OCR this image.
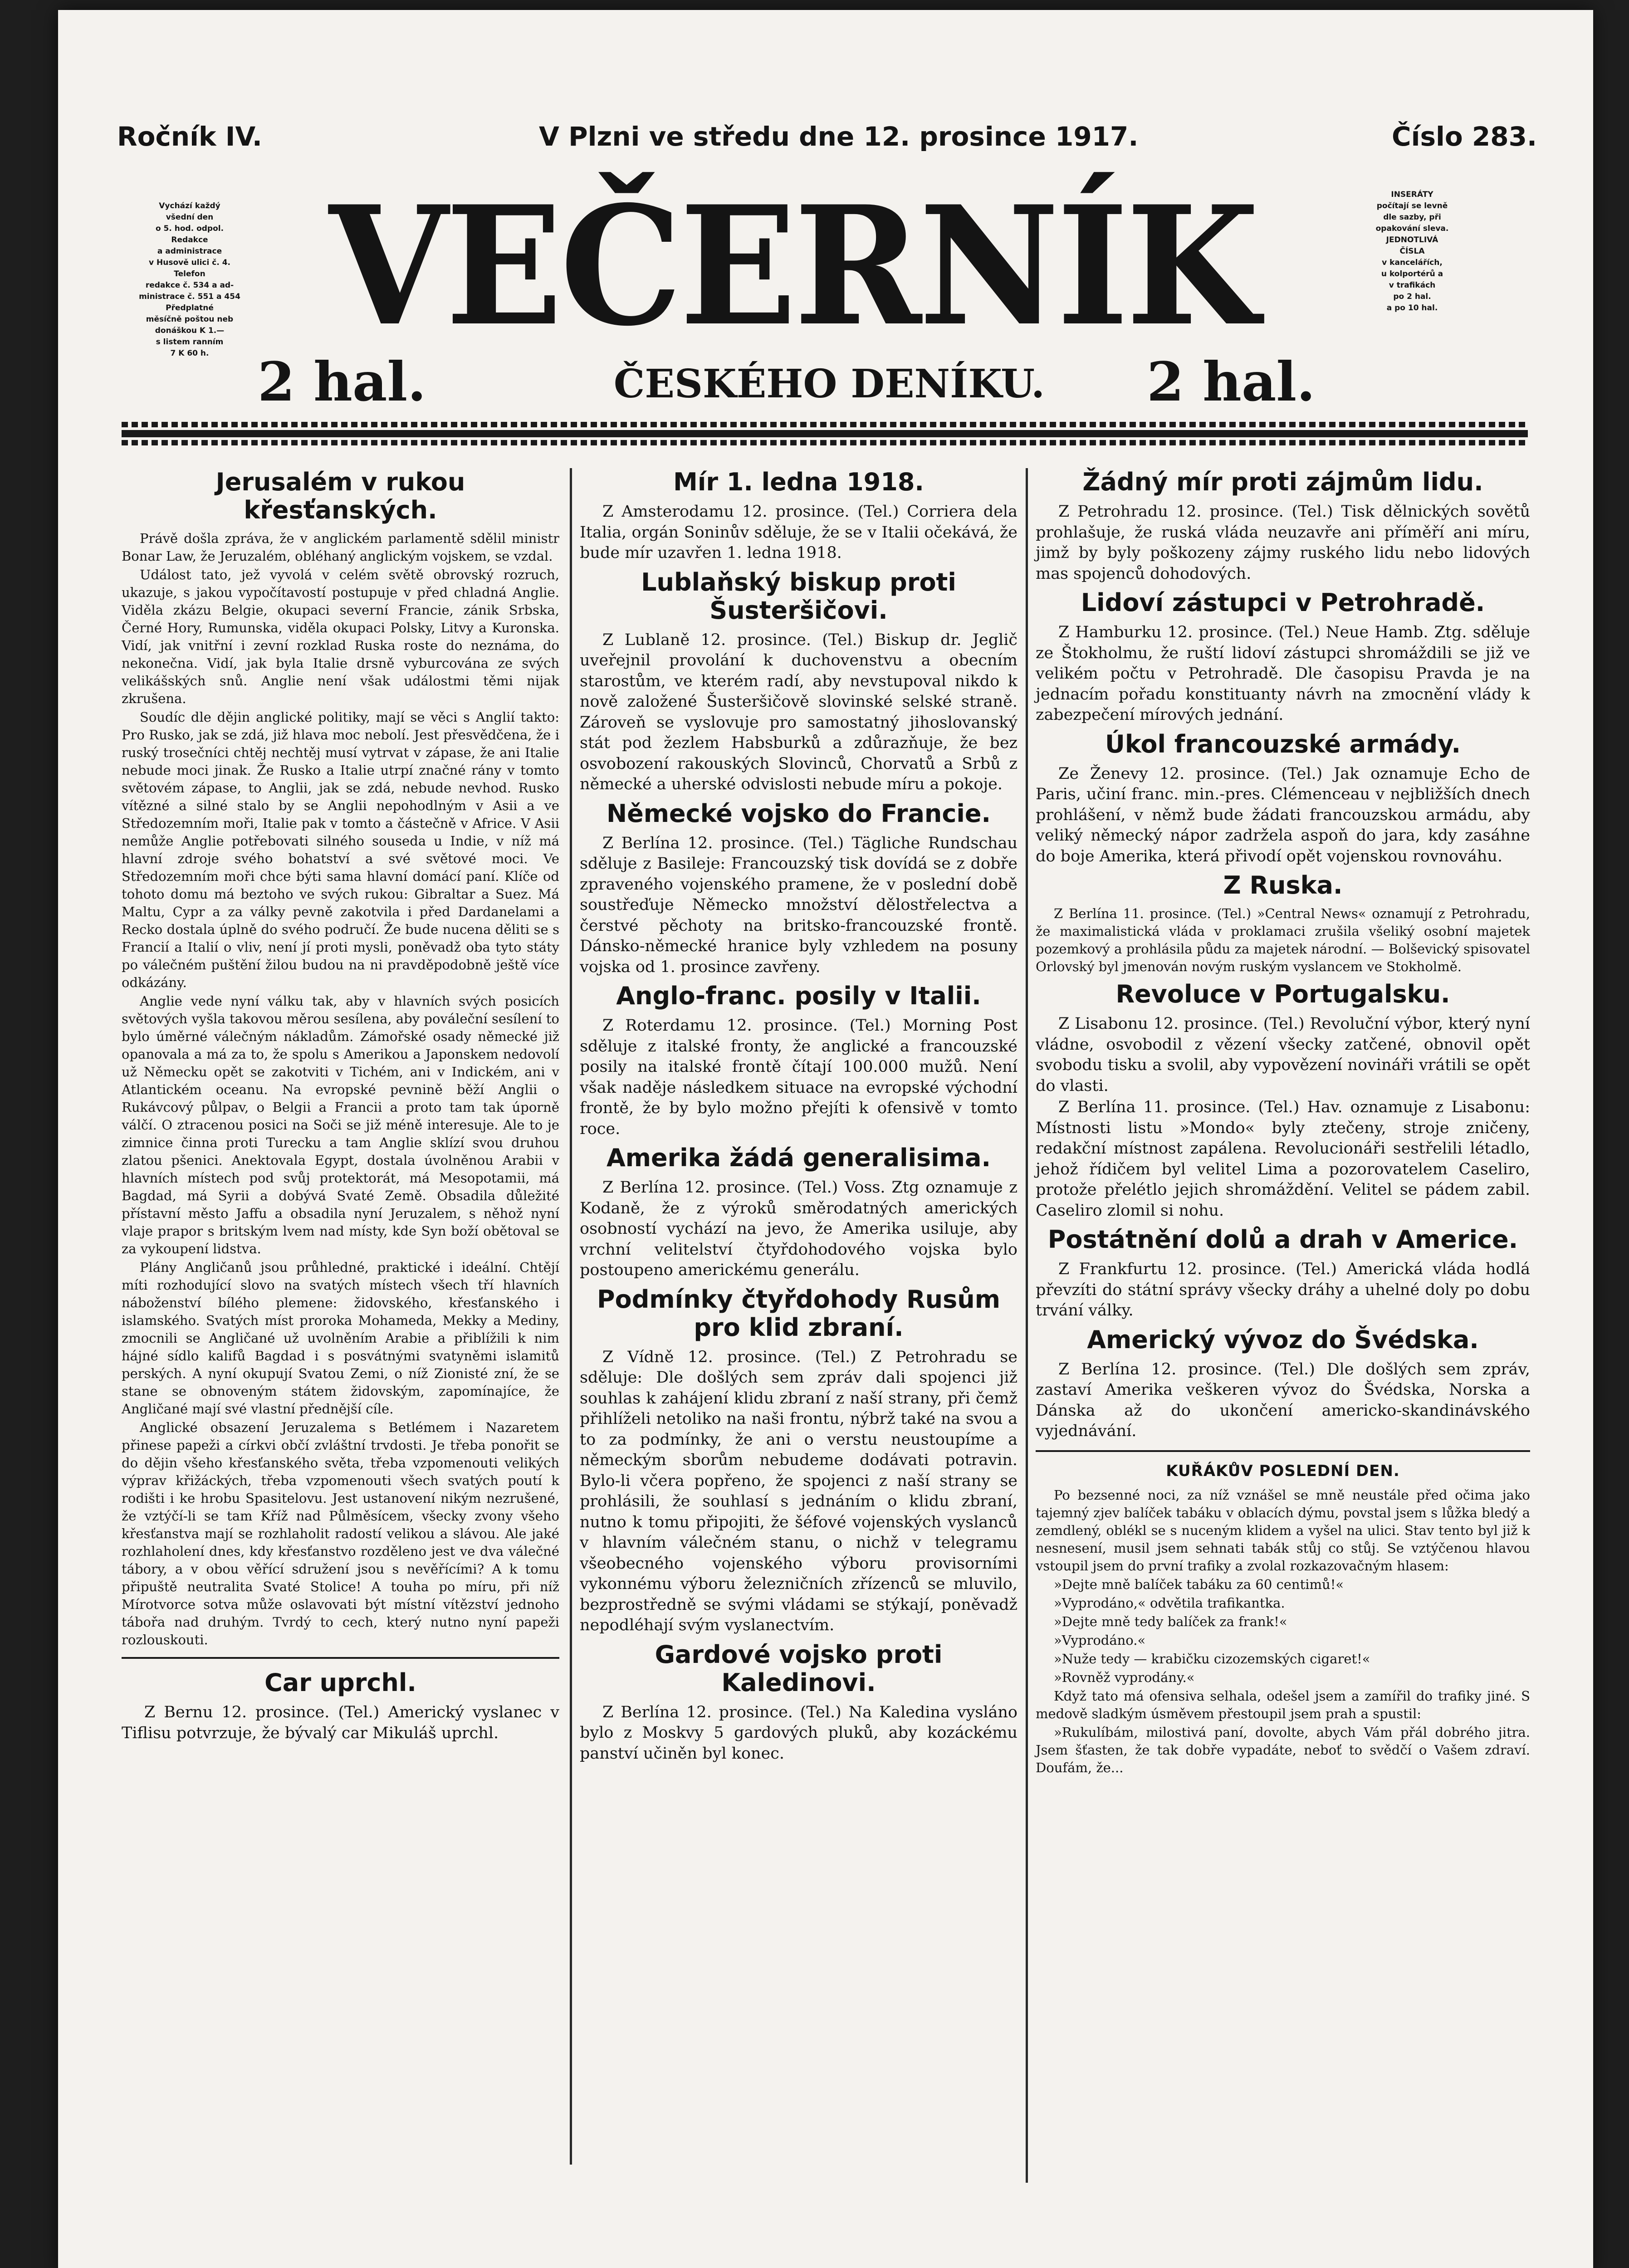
Ročník IV.	V Plzni ve středu dne 12. prosince 1917.	Číslo 283.
Vychází každý
všední den
o 5. hod. odpol.
Redakce
a administrace
v Husově ulici č. 4.
Telefon
redakce č. 534 a ad-
ministrace č. 551 a 454
Předplatné
měsíčně poštou neb
donáškou K 1.—
s listem ranním
7 K 60 h. VEČERNÍK	INSERÁTY
počítají se levně
dle sazby, při
opakování sleva.
JEDNOTLIVÁ
ČÍSLA
v kancelářích,
u kolportérů a
v trafikách
po 2 hal.
a po 10 hal.
2 hal.	ČESKÉHO DENÍKU.	2 hal.
Jerusalém v rukou křesťanských.

Právě došla zpráva, že v anglickém parlamentě sdělil ministr Bonar Law, že Jeruzalém, obléhaný anglickým vojskem, se vzdal.

Událost tato, jež vyvolá v celém světě obrovský rozruch, ukazuje, s jakou vypočítavostí postupuje v před chladná Anglie. Viděla zkázu Belgie, okupaci severní Francie, zánik Srbska, Černé Hory, Rumunska, viděla okupaci Polsky, Litvy a Kuronska. Vidí, jak vnitřní i zevní rozklad Ruska roste do neznáma, do nekonečna. Vidí, jak byla Italie drsně vyburcována ze svých velikášských snů. Anglie není však událostmi těmi nijak zkrušena.

Soudíc dle dějin anglické politiky, mají se věci s Anglií takto: Pro Rusko, jak se zdá, již hlava moc nebolí. Jest přesvědčena, že i ruský trosečníci chtěj nechtěj musí vytrvat v zápase, že ani Italie nebude moci jinak. Že Rusko a Italie utrpí značné rány v tomto světovém zápase, to Anglii, jak se zdá, nebude nevhod. Rusko vítězné a silné stalo by se Anglii nepohodlným v Asii a ve Středozemním moři, Italie pak v tomto a částečně v Africe. V Asii nemůže Anglie potřebovati silného souseda u Indie, v níž má hlavní zdroje svého bohatství a své světové moci. Ve Středozemním moři chce býti sama hlavní domácí paní. Klíče od tohoto domu má beztoho ve svých rukou: Gibraltar a Suez. Má Maltu, Cypr a za války pevně zakotvila i před Dardanelami a Recko dostala úplně do svého područí. Že bude nucena děliti se s Francií a Italií o vliv, není jí proti mysli, poněvadž oba tyto státy po válečném puštění žilou budou na ni pravděpodobně ještě více odkázány.

Anglie vede nyní válku tak, aby v hlavních svých posicích světových vyšla takovou měrou sesílena, aby pováleční sesílení to bylo úměrné válečným nákladům. Zámořské osady německé již opanovala a má za to, že spolu s Amerikou a Japonskem nedovolí už Německu opět se zakotviti v Tichém, ani v Indickém, ani v Atlantickém oceanu. Na evropské pevnině běží Anglii o Rukávcový půlpav, o Belgii a Francii a proto tam tak úporně válčí. O ztracenou posici na Soči se již méně interesuje. Ale to je zimnice činna proti Turecku a tam Anglie sklízí svou druhou zlatou pšenici. Anektovala Egypt, dostala úvolněnou Arabii v hlavních místech pod svůj protektorát, má Mesopotamii, má Bagdad, má Syrii a dobývá Svaté Země. Obsadila důležité přístavní město Jaffu a obsadila nyní Jeruzalem, s něhož nyní vlaje prapor s britským lvem nad místy, kde Syn boží obětoval se za vykoupení lidstva.

Plány Angličanů jsou průhledné, praktické i ideální. Chtějí míti rozhodující slovo na svatých místech všech tří hlavních náboženství bílého plemene: židovského, křesťanského i islamského. Svatých míst proroka Mohameda, Mekky a Mediny, zmocnili se Angličané už uvolněním Arabie a přiblížili k nim hájné sídlo kalifů Bagdad i s posvátnými svatyněmi islamitů perských. A nyní okupují Svatou Zemi, o níž Zionisté zní, že se stane se obnoveným státem židovským, zapomínajíce, že Angličané mají své vlastní přednější cíle.

Anglické obsazení Jeruzalema s Betlémem i Nazaretem přinese papeži a církvi občí zvláštní trvdosti. Je třeba ponořit se do dějin všeho křesťanského světa, třeba vzpomenouti velikých výprav křižáckých, třeba vzpomenouti všech svatých poutí k rodišti i ke hrobu Spasitelovu. Jest ustanovení nikým nezrušené, že vztýčí-li se tam Kříž nad Půlměsícem, všecky zvony všeho křesťanstva mají se rozhlaholit radostí velikou a slávou. Ale jaké rozhlaholení dnes, kdy křesťanstvo rozděleno jest ve dva válečné tábory, a v obou věřící sdružení jsou s nevěřícími? A k tomu připuště neutralita Svaté Stolice! A touha po míru, při níž Mírotvorce sotva může oslavovati být místní vítězství jednoho tábořa nad druhým. Tvrdý to cech, který nutno nyní papeži rozlouskouti.

Car uprchl.

Z Bernu 12. prosince. (Tel.) Americký vyslanec v Tiflisu potvrzuje, že bývalý car Mikuláš uprchl.

Mír 1. ledna 1918.

Z Amsterodamu 12. prosince. (Tel.) Corriera dela Italia, orgán Soninův sděluje, že se v Italii očekává, že bude mír uzavřen 1. ledna 1918.

Lublaňský biskup proti Šusteršičovi.

Z Lublaně 12. prosince. (Tel.) Biskup dr. Jeglič uveřejnil provolání k duchovenstvu a obecním starostům, ve kterém radí, aby nevstupoval nikdo k nově založené Šusteršičově slovinské selské straně. Zároveň se vyslovuje pro samostatný jihoslovanský stát pod žezlem Habsburků a zdůrazňuje, že bez osvobození rakouských Slovinců, Chorvatů a Srbů z německé a uherské odvislosti nebude míru a pokoje.

Německé vojsko do Francie.

Z Berlína 12. prosince. (Tel.) Tägliche Rundschau sděluje z Basileje: Francouzský tisk dovídá se z dobře zpraveného vojenského pramene, že v poslední době soustřeďuje Německo množství dělostřelectva a čerstvé pěchoty na britsko-francouzské frontě. Dánsko-německé hranice byly vzhledem na posuny vojska od 1. prosince zavřeny.

Anglo-franc. posily v Italii.

Z Roterdamu 12. prosince. (Tel.) Morning Post sděluje z italské fronty, že anglické a francouzské posily na italské frontě čítají 100.000 mužů. Není však naděje následkem situace na evropské východní frontě, že by bylo možno přejíti k ofensivě v tomto roce.

Amerika žádá generalisima.

Z Berlína 12. prosince. (Tel.) Voss. Ztg oznamuje z Kodaně, že z výroků směrodatných amerických osobností vychází na jevo, že Amerika usiluje, aby vrchní velitelství čtyřdohodového vojska bylo postoupeno americkému generálu.

Podmínky čtyřdohody Rusům pro klid zbraní.

Z Vídně 12. prosince. (Tel.) Z Petrohradu se sděluje: Dle došlých sem zpráv dali spojenci již souhlas k zahájení klidu zbraní z naší strany, při čemž přihlíželi netoliko na naši frontu, nýbrž také na svou a to za podmínky, že ani o verstu neustoupíme a německým sborům nebudeme dodávati potravin. Bylo-li včera popřeno, že spojenci z naší strany se prohlásili, že souhlasí s jednáním o klidu zbraní, nutno k tomu připojiti, že šéfové vojenských vyslanců v hlavním válečném stanu, o nichž v telegramu všeobecného vojenského výboru provisorními vykonnému výboru železničních zřízenců se mluvilo, bezprostředně se svými vládami se stýkají, poněvadž nepodléhají svým vyslanectvím.

Gardové vojsko proti Kaledinovi.

Z Berlína 12. prosince. (Tel.) Na Kaledina vysláno bylo z Moskvy 5 gardových pluků, aby kozáckému panství učiněn byl konec.

Žádný mír proti zájmům lidu.

Z Petrohradu 12. prosince. (Tel.) Tisk dělnických sovětů prohlašuje, že ruská vláda neuzavře ani příměří ani míru, jimž by byly poškozeny zájmy ruského lidu nebo lidových mas spojenců dohodových.

Lidoví zástupci v Petrohradě.

Z Hamburku 12. prosince. (Tel.) Neue Hamb. Ztg. sděluje ze Štokholmu, že ruští lidoví zástupci shromáždili se již ve velikém počtu v Petrohradě. Dle časopisu Pravda je na jednacím pořadu konstituanty návrh na zmocnění vlády k zabezpečení mírových jednání.

Úkol francouzské armády.

Ze Ženevy 12. prosince. (Tel.) Jak oznamuje Echo de Paris, učiní franc. min.-pres. Clémenceau v nejbližších dnech prohlášení, v němž bude žádati francouzskou armádu, aby veliký německý nápor zadržela aspoň do jara, kdy zasáhne do boje Amerika, která přivodí opět vojenskou rovnováhu.

Z Ruska.

Z Berlína 11. prosince. (Tel.) »Central News« oznamují z Petrohradu, že maximalistická vláda v proklamaci zrušila všeliký osobní majetek pozemkový a prohlásila půdu za majetek národní. — Bolševický spisovatel Orlovský byl jmenován novým ruským vyslancem ve Stokholmě.

Revoluce v Portugalsku.

Z Lisabonu 12. prosince. (Tel.) Revoluční výbor, který nyní vládne, osvobodil z vězení všecky zatčené, obnovil opět svobodu tisku a svolil, aby vypovězení novináři vrátili se opět do vlasti.

Z Berlína 11. prosince. (Tel.) Hav. oznamuje z Lisabonu: Místnosti listu »Mondo« byly ztečeny, stroje zničeny, redakční místnost zapálena. Revolucionáři sestřelili létadlo, jehož řídičem byl velitel Lima a pozorovatelem Caseliro, protože přelétlo jejich shromáždění. Velitel se pádem zabil. Caseliro zlomil si nohu.

Postátnění dolů a drah v Americe.

Z Frankfurtu 12. prosince. (Tel.) Americká vláda hodlá převzíti do státní správy všecky dráhy a uhelné doly po dobu trvání války.

Americký vývoz do Švédska.

Z Berlína 12. prosince. (Tel.) Dle došlých sem zpráv, zastaví Amerika veškeren vývoz do Švédska, Norska a Dánska až do ukončení americko-skandinávského vyjednávání.

KUŘÁKŮV POSLEDNÍ DEN.

Po bezsenné noci, za níž vznášel se mně neustále před očima jako tajemný zjev balíček tabáku v oblacích dýmu, povstal jsem s lůžka bledý a zemdlený, oblékl se s nuceným klidem a vyšel na ulici. Stav tento byl již k nesnesení, musil jsem sehnati tabák stůj co stůj. Se vztýčenou hlavou vstoupil jsem do první trafiky a zvolal rozkazovačným hlasem:

»Dejte mně balíček tabáku za 60 centimů!«

»Vyprodáno,« odvětila trafikantka.

»Dejte mně tedy balíček za frank!«

»Vyprodáno.«

»Nuže tedy — krabičku cizozemských cigaret!«

»Rovněž vyprodány.«

Když tato má ofensiva selhala, odešel jsem a zamířil do trafiky jiné. S medově sladkým úsměvem přestoupil jsem prah a spustil:

»Rukulíbám, milostivá paní, dovolte, abych Vám přál dobrého jitra. Jsem šťasten, že tak dobře vypadáte, neboť to svědčí o Vašem zdraví. Doufám, že...
